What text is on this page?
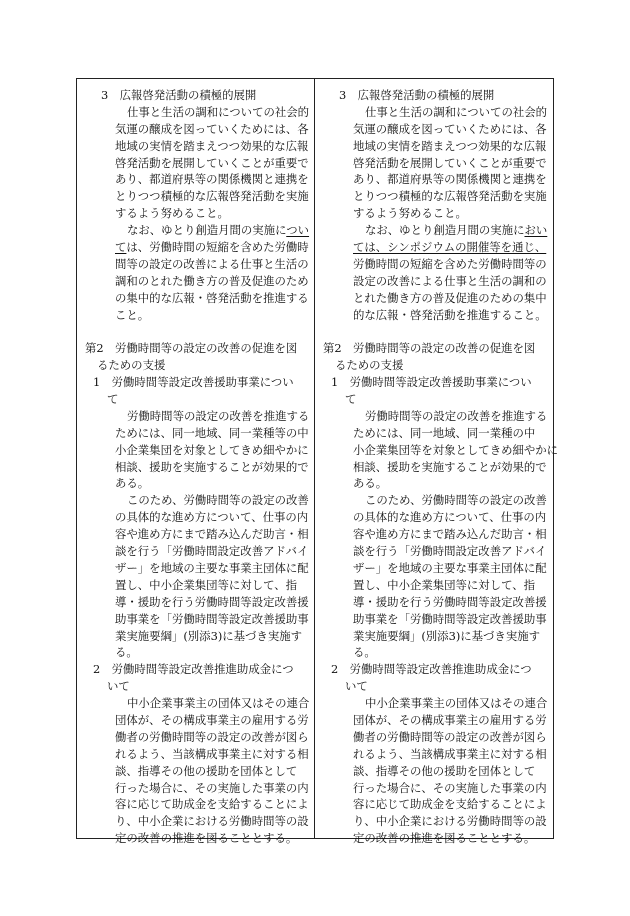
3　広報啓発活動の積極的展開
仕事と生活の調和についての社会的
気運の醸成を図っていくためには、各
地域の実情を踏まえつつ効果的な広報
啓発活動を展開していくことが重要で
あり、都道府県等の関係機関と連携を
とりつつ積極的な広報啓発活動を実施
するよう努めること。
なお、ゆとり創造月間の実施につい
ては、労働時間の短縮を含めた労働時
間等の設定の改善による仕事と生活の
調和のとれた働き方の普及促進のため
の集中的な広報・啓発活動を推進する
こと。
第2　労働時間等の設定の改善の促進を図
るための支援
1　労働時間等設定改善援助事業につい
て
労働時間等の設定の改善を推進する
ためには、同一地域、同一業種等の中
小企業集団を対象としてきめ細やかに
相談、援助を実施することが効果的で
ある。
このため、労働時間等の設定の改善
の具体的な進め方について、仕事の内
容や進め方にまで踏み込んだ助言・相
談を行う「労働時間設定改善アドバイ
ザー」を地域の主要な事業主団体に配
置し、中小企業集団等に対して、指
導・援助を行う労働時間等設定改善援
助事業を「労働時間等設定改善援助事
業実施要綱」(別添3)に基づき実施す
る。
2　労働時間等設定改善推進助成金につ
いて
中小企業事業主の団体又はその連合
団体が、その構成事業主の雇用する労
働者の労働時間等の設定の改善が図ら
れるよう、当該構成事業主に対する相
談、指導その他の援助を団体として
行った場合に、その実施した事業の内
容に応じて助成金を支給することによ
り、中小企業における労働時間等の設
定の改善の推進を図ることとする。
3　広報啓発活動の積極的展開
仕事と生活の調和についての社会的
気運の醸成を図っていくためには、各
地域の実情を踏まえつつ効果的な広報
啓発活動を展開していくことが重要で
あり、都道府県等の関係機関と連携を
とりつつ積極的な広報啓発活動を実施
するよう努めること。
なお、ゆとり創造月間の実施におい
ては、シンポジウムの開催等を通じ、
労働時間の短縮を含めた労働時間等の
設定の改善による仕事と生活の調和の
とれた働き方の普及促進のための集中
的な広報・啓発活動を推進すること。
第2　労働時間等の設定の改善の促進を図
るための支援
1　労働時間等設定改善援助事業につい
て
労働時間等の設定の改善を推進する
ためには、同一地域、同一業種の中
小企業集団等を対象としてきめ細やかに
相談、援助を実施することが効果的で
ある。
このため、労働時間等の設定の改善
の具体的な進め方について、仕事の内
容や進め方にまで踏み込んだ助言・相
談を行う「労働時間設定改善アドバイ
ザー」を地域の主要な事業主団体に配
置し、中小企業集団等に対して、指
導・援助を行う労働時間等設定改善援
助事業を「労働時間等設定改善援助事
業実施要綱」(別添3)に基づき実施す
る。
2　労働時間等設定改善推進助成金につ
いて
中小企業事業主の団体又はその連合
団体が、その構成事業主の雇用する労
働者の労働時間等の設定の改善が図ら
れるよう、当該構成事業主に対する相
談、指導その他の援助を団体として
行った場合に、その実施した事業の内
容に応じて助成金を支給することによ
り、中小企業における労働時間等の設
定の改善の推進を図ることとする。
